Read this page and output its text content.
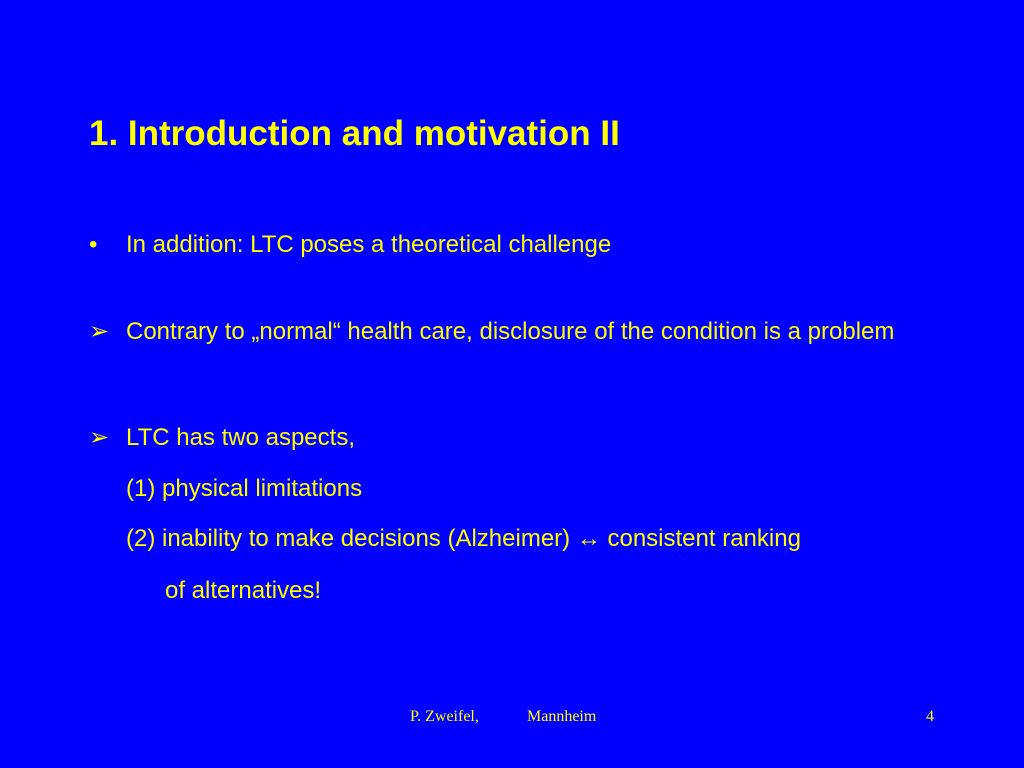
1. Introduction and motivation II
•	In addition: LTC poses a theoretical challenge
➢ Contrary to „normal“ health care, disclosure of the condition is a problem
➢ LTC has two aspects,
(1) physical limitations
(2) inability to make decisions (Alzheimer) ↔ consistent ranking
of alternatives!
P. Zweifel,	Mannheim	4
